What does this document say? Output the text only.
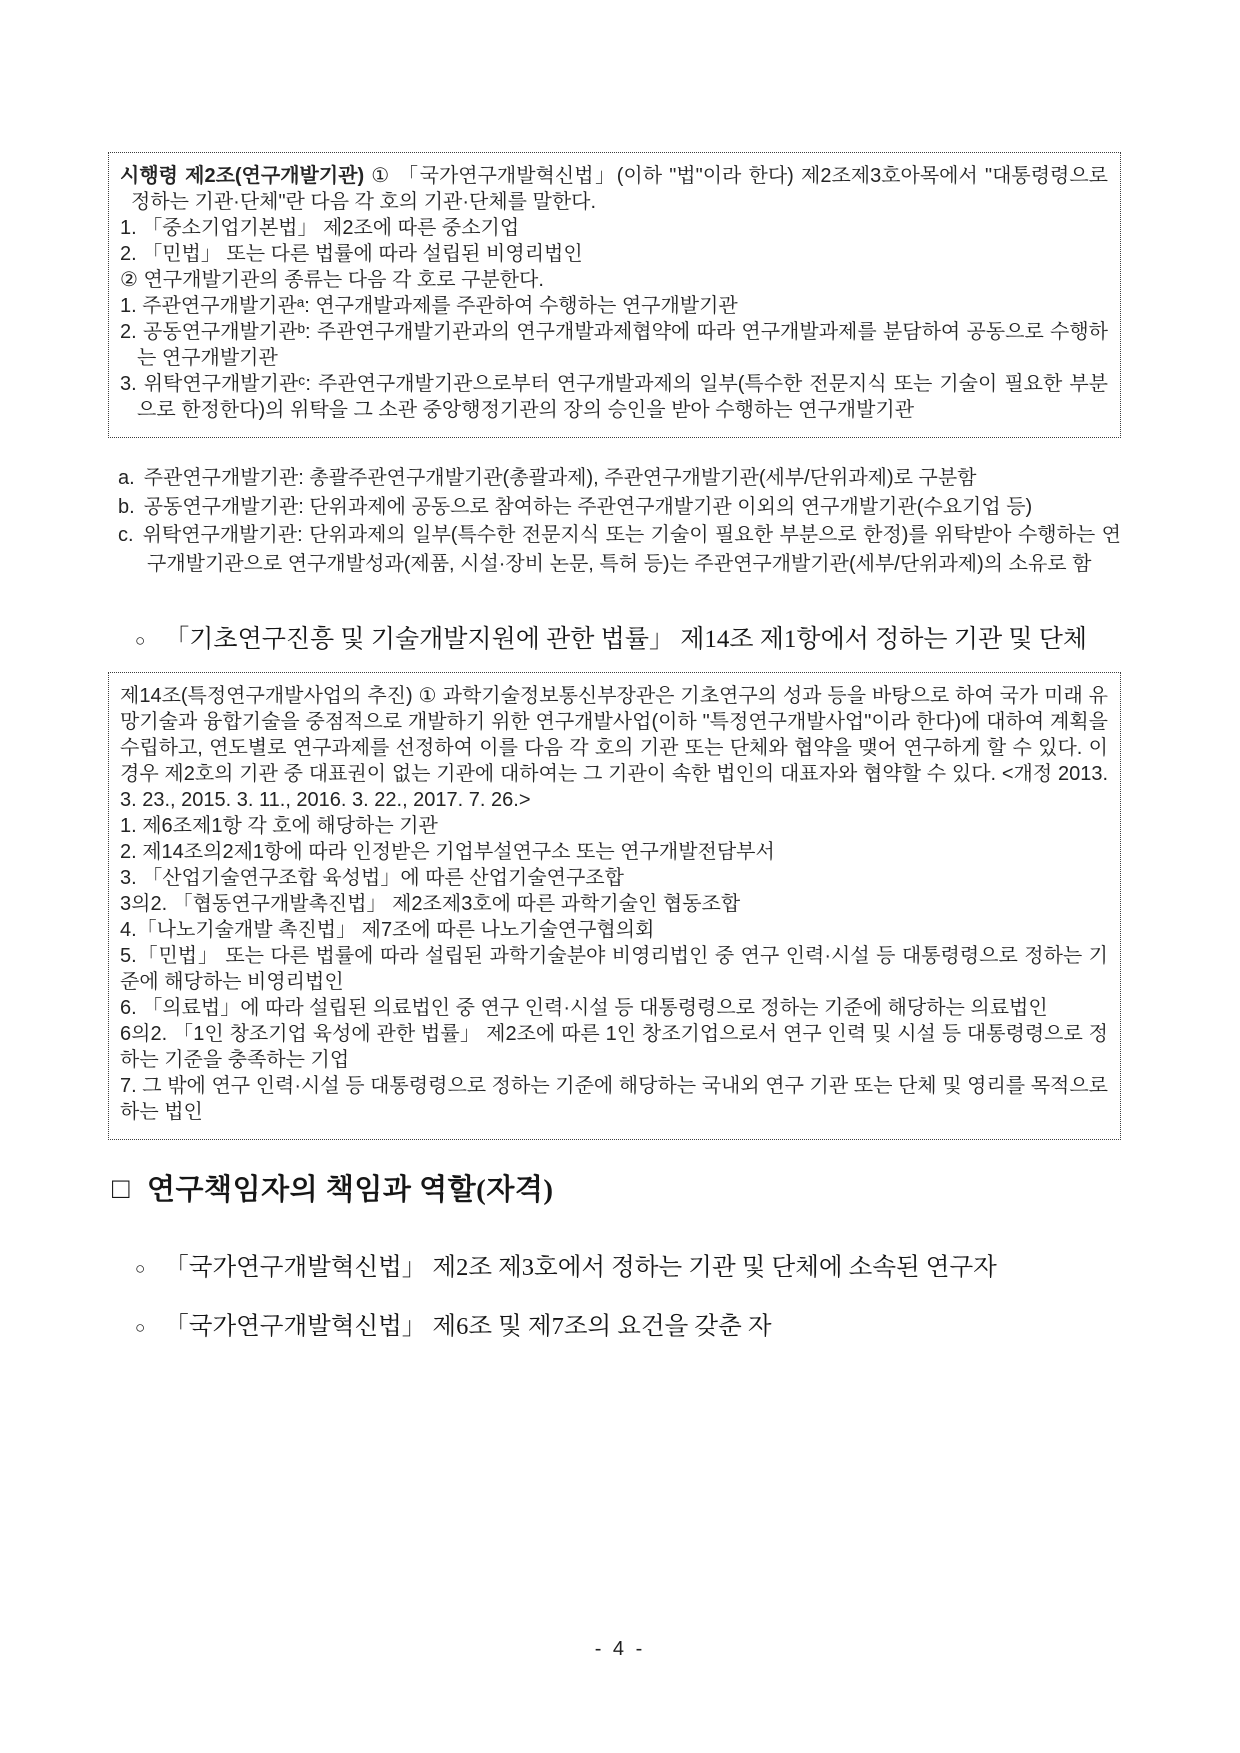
시행령 제2조(연구개발기관) ① 「국가연구개발혁신법」(이하 "법"이라 한다) 제2조제3호아목에서 "대통령령으로 정하는 기관·단체"란 다음 각 호의 기관·단체를 말한다.

1. 「중소기업기본법」 제2조에 따른 중소기업

2. 「민법」 또는 다른 법률에 따라 설립된 비영리법인

② 연구개발기관의 종류는 다음 각 호로 구분한다.

1. 주관연구개발기관ᵃ: 연구개발과제를 주관하여 수행하는 연구개발기관

2. 공동연구개발기관ᵇ: 주관연구개발기관과의 연구개발과제협약에 따라 연구개발과제를 분담하여 공동으로 수행하는 연구개발기관

3. 위탁연구개발기관ᶜ: 주관연구개발기관으로부터 연구개발과제의 일부(특수한 전문지식 또는 기술이 필요한 부분으로 한정한다)의 위탁을 그 소관 중앙행정기관의 장의 승인을 받아 수행하는 연구개발기관

a. 주관연구개발기관: 총괄주관연구개발기관(총괄과제), 주관연구개발기관(세부/단위과제)로 구분함

b. 공동연구개발기관: 단위과제에 공동으로 참여하는 주관연구개발기관 이외의 연구개발기관(수요기업 등)

c. 위탁연구개발기관: 단위과제의 일부(특수한 전문지식 또는 기술이 필요한 부분으로 한정)를 위탁받아 수행하는 연구개발기관으로 연구개발성과(제품, 시설·장비 논문, 특허 등)는 주관연구개발기관(세부/단위과제)의 소유로 함

○ 「기초연구진흥 및 기술개발지원에 관한 법률」 제14조 제1항에서 정하는 기관 및 단체

제14조(특정연구개발사업의 추진) ① 과학기술정보통신부장관은 기초연구의 성과 등을 바탕으로 하여 국가 미래 유망기술과 융합기술을 중점적으로 개발하기 위한 연구개발사업(이하 "특정연구개발사업"이라 한다)에 대하여 계획을 수립하고, 연도별로 연구과제를 선정하여 이를 다음 각 호의 기관 또는 단체와 협약을 맺어 연구하게 할 수 있다. 이 경우 제2호의 기관 중 대표권이 없는 기관에 대하여는 그 기관이 속한 법인의 대표자와 협약할 수 있다. <개정 2013. 3. 23., 2015. 3. 11., 2016. 3. 22., 2017. 7. 26.>

1. 제6조제1항 각 호에 해당하는 기관

2. 제14조의2제1항에 따라 인정받은 기업부설연구소 또는 연구개발전담부서

3. 「산업기술연구조합 육성법」에 따른 산업기술연구조합

3의2. 「협동연구개발촉진법」 제2조제3호에 따른 과학기술인 협동조합

4.「나노기술개발 촉진법」 제7조에 따른 나노기술연구협의회

5.「민법」 또는 다른 법률에 따라 설립된 과학기술분야 비영리법인 중 연구 인력·시설 등 대통령령으로 정하는 기준에 해당하는 비영리법인

6. 「의료법」에 따라 설립된 의료법인 중 연구 인력·시설 등 대통령령으로 정하는 기준에 해당하는 의료법인

6의2. 「1인 창조기업 육성에 관한 법률」 제2조에 따른 1인 창조기업으로서 연구 인력 및 시설 등 대통령령으로 정하는 기준을 충족하는 기업

7. 그 밖에 연구 인력·시설 등 대통령령으로 정하는 기준에 해당하는 국내외 연구 기관 또는 단체 및 영리를 목적으로 하는 법인

□ 연구책임자의 책임과 역할(자격)
○ 「국가연구개발혁신법」 제2조 제3호에서 정하는 기관 및 단체에 소속된 연구자
○ 「국가연구개발혁신법」 제6조 및 제7조의 요건을 갖춘 자
- 4 -
